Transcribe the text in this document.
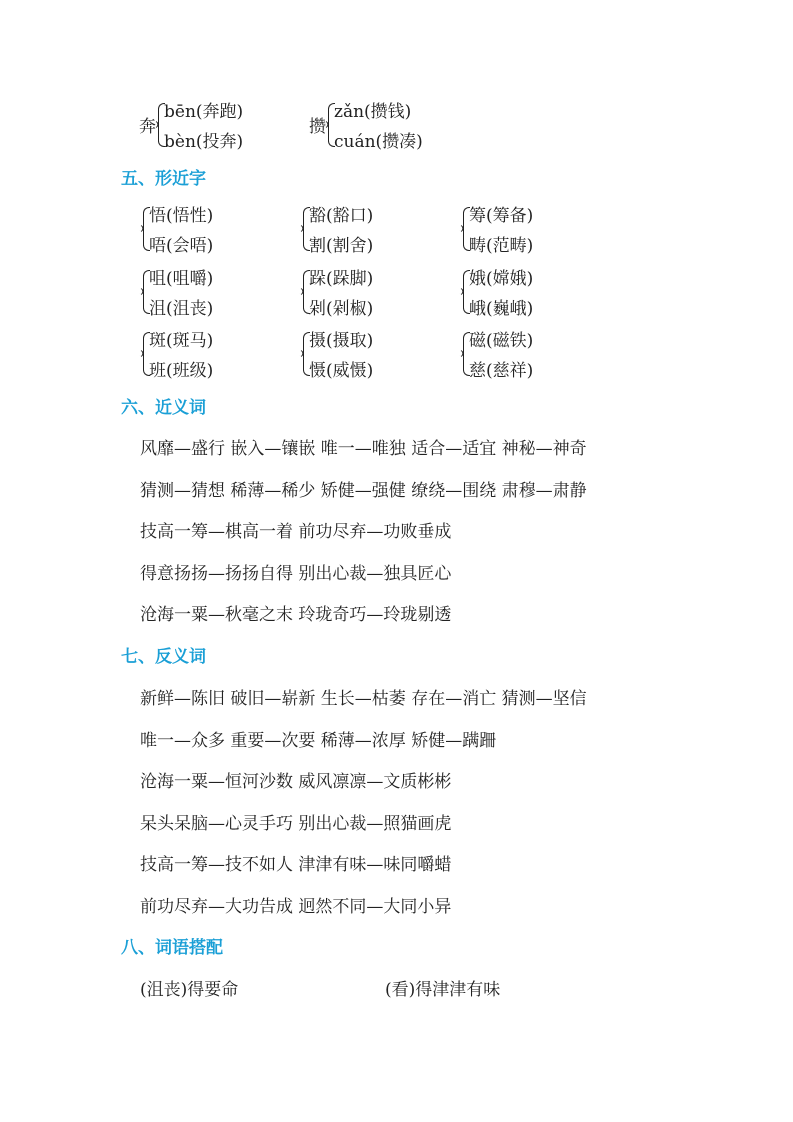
奔
bēn(奔跑)
bèn(投奔)
攒
zǎn(攒钱)
cuán(攒凑)
五、形近字
悟(悟性)
唔(会唔)
豁(豁口)
割(割舍)
筹(筹备)
畴(范畴)
咀(咀嚼)
沮(沮丧)
跺(跺脚)
剁(剁椒)
娥(嫦娥)
峨(巍峨)
斑(斑马)
班(班级)
摄(摄取)
慑(威慑)
磁(磁铁)
慈(慈祥)
六、近义词
风靡—盛行 嵌入—镶嵌 唯一—唯独 适合—适宜 神秘—神奇
猜测—猜想 稀薄—稀少 矫健—强健 缭绕—围绕 肃穆—肃静
技高一筹—棋高一着 前功尽弃—功败垂成
得意扬扬—扬扬自得 别出心裁—独具匠心
沧海一粟—秋毫之末 玲珑奇巧—玲珑剔透
七、反义词
新鲜—陈旧 破旧—崭新 生长—枯萎 存在—消亡 猜测—坚信
唯一—众多 重要—次要 稀薄—浓厚 矫健—蹒跚
沧海一粟—恒河沙数 威风凛凛—文质彬彬
呆头呆脑—心灵手巧 别出心裁—照猫画虎
技高一筹—技不如人 津津有味—味同嚼蜡
前功尽弃—大功告成 迥然不同—大同小异
八、词语搭配
(沮丧)得要命	(看)得津津有味
